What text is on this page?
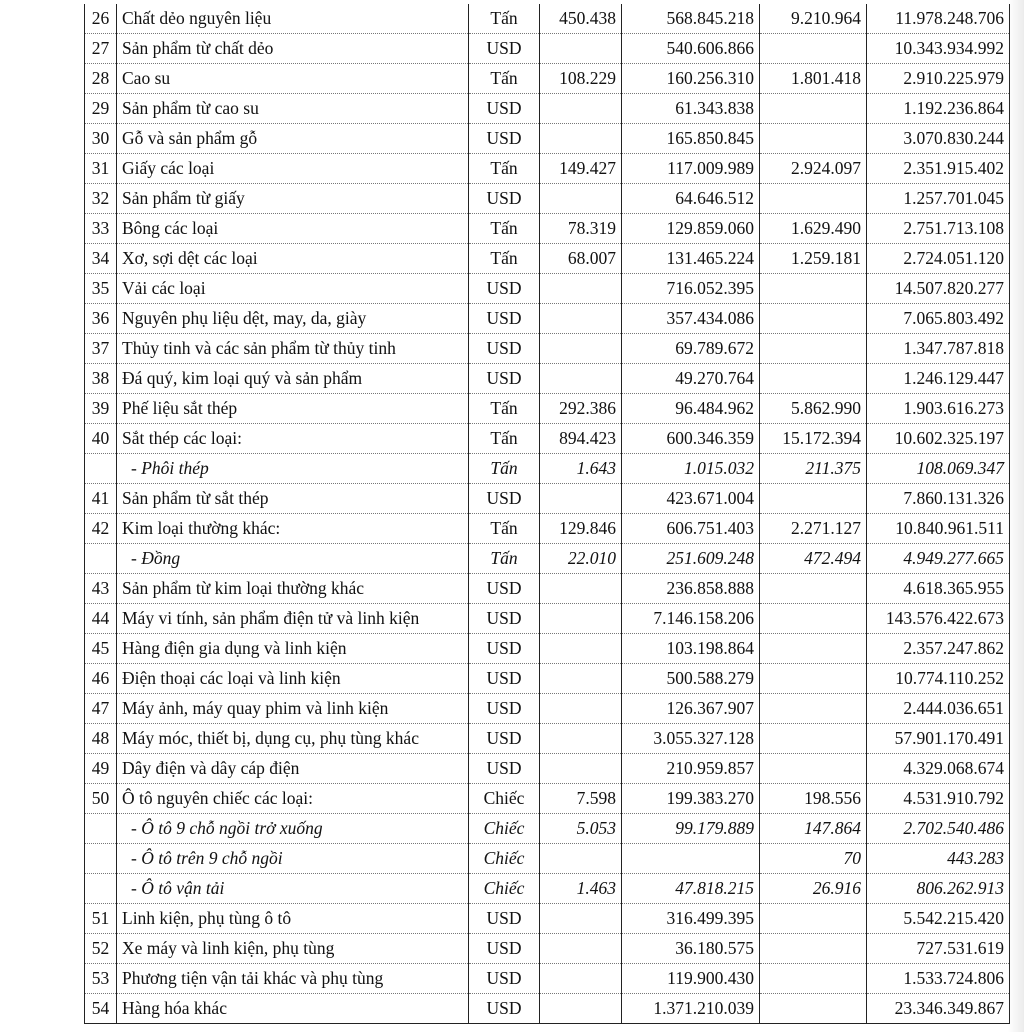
26	Chất dẻo nguyên liệu	Tấn	450.438	568.845.218	9.210.964	11.978.248.706
27	Sản phẩm từ chất dẻo	USD		540.606.866		10.343.934.992
28	Cao su	Tấn	108.229	160.256.310	1.801.418	2.910.225.979
29	Sản phẩm từ cao su	USD		61.343.838		1.192.236.864
30	Gỗ và sản phẩm gỗ	USD		165.850.845		3.070.830.244
31	Giấy các loại	Tấn	149.427	117.009.989	2.924.097	2.351.915.402
32	Sản phẩm từ giấy	USD		64.646.512		1.257.701.045
33	Bông các loại	Tấn	78.319	129.859.060	1.629.490	2.751.713.108
34	Xơ, sợi dệt các loại	Tấn	68.007	131.465.224	1.259.181	2.724.051.120
35	Vải các loại	USD		716.052.395		14.507.820.277
36	Nguyên phụ liệu dệt, may, da, giày	USD		357.434.086		7.065.803.492
37	Thủy tinh và các sản phẩm từ thủy tinh	USD		69.789.672		1.347.787.818
38	Đá quý, kim loại quý và sản phẩm	USD		49.270.764		1.246.129.447
39	Phế liệu sắt thép	Tấn	292.386	96.484.962	5.862.990	1.903.616.273
40	Sắt thép các loại:	Tấn	894.423	600.346.359	15.172.394	10.602.325.197
	- Phôi thép	Tấn	1.643	1.015.032	211.375	108.069.347
41	Sản phẩm từ sắt thép	USD		423.671.004		7.860.131.326
42	Kim loại thường khác:	Tấn	129.846	606.751.403	2.271.127	10.840.961.511
	- Đồng	Tấn	22.010	251.609.248	472.494	4.949.277.665
43	Sản phẩm từ kim loại thường khác	USD		236.858.888		4.618.365.955
44	Máy vi tính, sản phẩm điện tử và linh kiện	USD		7.146.158.206		143.576.422.673
45	Hàng điện gia dụng và linh kiện	USD		103.198.864		2.357.247.862
46	Điện thoại các loại và linh kiện	USD		500.588.279		10.774.110.252
47	Máy ảnh, máy quay phim và linh kiện	USD		126.367.907		2.444.036.651
48	Máy móc, thiết bị, dụng cụ, phụ tùng khác	USD		3.055.327.128		57.901.170.491
49	Dây điện và dây cáp điện	USD		210.959.857		4.329.068.674
50	Ô tô nguyên chiếc các loại:	Chiếc	7.598	199.383.270	198.556	4.531.910.792
	- Ô tô 9 chỗ ngồi trở xuống	Chiếc	5.053	99.179.889	147.864	2.702.540.486
	- Ô tô trên 9 chỗ ngồi	Chiếc			70	443.283
	- Ô tô vận tải	Chiếc	1.463	47.818.215	26.916	806.262.913
51	Linh kiện, phụ tùng ô tô	USD		316.499.395		5.542.215.420
52	Xe máy và linh kiện, phụ tùng	USD		36.180.575		727.531.619
53	Phương tiện vận tải khác và phụ tùng	USD		119.900.430		1.533.724.806
54	Hàng hóa khác	USD		1.371.210.039		23.346.349.867
